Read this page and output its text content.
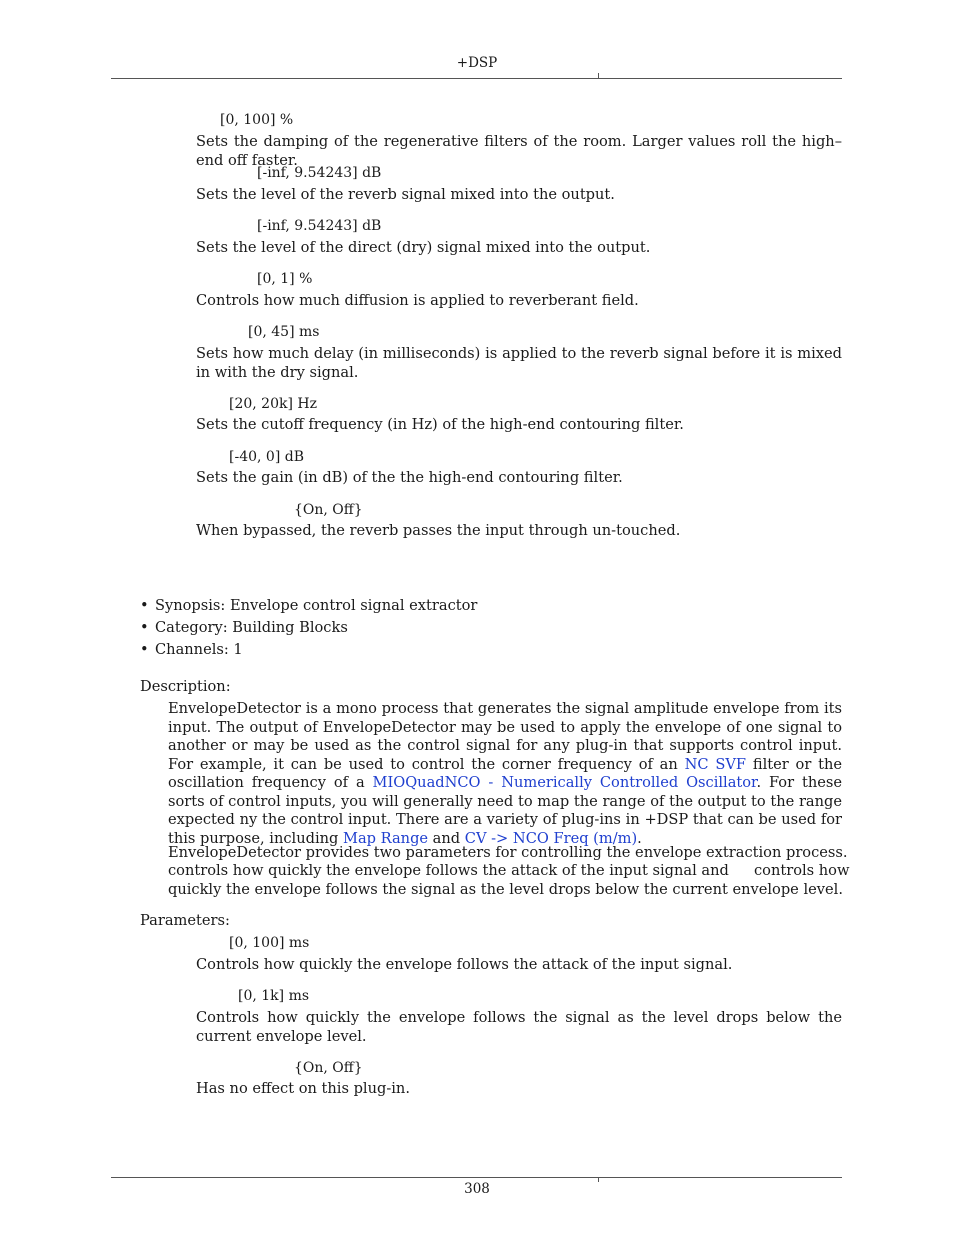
+DSP
[0, 100] %
Sets the damping of the regenerative filters of the room. Larger values roll the high–end off faster.
[-inf, 9.54243] dB
Sets the level of the reverb signal mixed into the output.
[-inf, 9.54243] dB
Sets the level of the direct (dry) signal mixed into the output.
[0, 1] %
Controls how much diffusion is applied to reverberant field.
[0, 45] ms
Sets how much delay (in milliseconds) is applied to the reverb signal before it is mixed in with the dry signal.
[20, 20k] Hz
Sets the cutoff frequency (in Hz) of the high-end contouring filter.
[-40, 0] dB
Sets the gain (in dB) of the the high-end contouring filter.
{On, Off}
When bypassed, the reverb passes the input through un-touched.
• Synopsis: Envelope control signal extractor
• Category: Building Blocks
• Channels: 1
Description:
EnvelopeDetector is a mono process that generates the signal amplitude envelope from its input. The output of EnvelopeDetector may be used to apply the envelope of one signal to another or may be used as the control signal for any plug-in that supports control input. For example, it can be used to control the corner frequency of an NC SVF filter or the oscillation frequency of a MIOQuadNCO - Numerically Controlled Oscillator. For these sorts of control inputs, you will generally need to map the range of the output to the range expected ny the control input. There are a variety of plug-ins in +DSP that can be used for this purpose, including Map Range and CV -> NCO Freq (m/m).
EnvelopeDetector provides two parameters for controlling the envelope extraction process.
controls how quickly the envelope follows the attack of the input signal and controls how
quickly the envelope follows the signal as the level drops below the current envelope level.
Parameters:
[0, 100] ms
Controls how quickly the envelope follows the attack of the input signal.
[0, 1k] ms
Controls how quickly the envelope follows the signal as the level drops below the current envelope level.
{On, Off}
Has no effect on this plug-in.
308
